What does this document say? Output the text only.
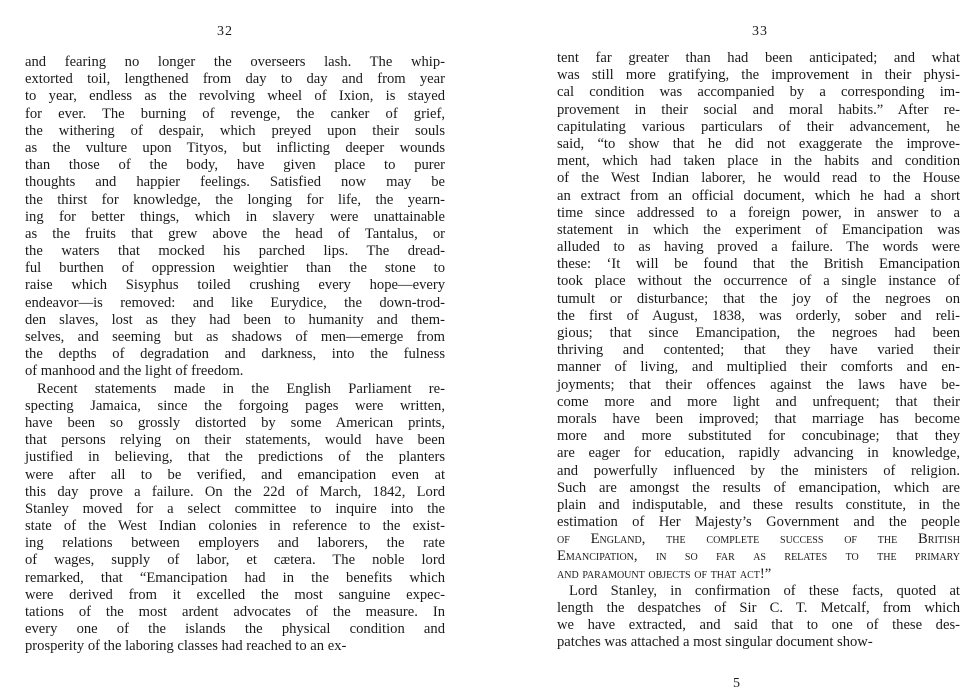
32
and fearing no longer the overseers lash. The whip-
extorted toil, lengthened from day to day and from year
to year, endless as the revolving wheel of Ixion, is stayed
for ever. The burning of revenge, the canker of grief,
the withering of despair, which preyed upon their souls
as the vulture upon Tityos, but inflicting deeper wounds
than those of the body, have given place to purer
thoughts and happier feelings. Satisfied now may be
the thirst for knowledge, the longing for life, the yearn-
ing for better things, which in slavery were unattainable
as the fruits that grew above the head of Tantalus, or
the waters that mocked his parched lips. The dread-
ful burthen of oppression weightier than the stone to
raise which Sisyphus toiled crushing every hope—every
endeavor—is removed: and like Eurydice, the down-trod-
den slaves, lost as they had been to humanity and them-
selves, and seeming but as shadows of men—emerge from
the depths of degradation and darkness, into the fulness
of manhood and the light of freedom.
Recent statements made in the English Parliament re-
specting Jamaica, since the forgoing pages were written,
have been so grossly distorted by some American prints,
that persons relying on their statements, would have been
justified in believing, that the predictions of the planters
were after all to be verified, and emancipation even at
this day prove a failure. On the 22d of March, 1842, Lord
Stanley moved for a select committee to inquire into the
state of the West Indian colonies in reference to the exist-
ing relations between employers and laborers, the rate
of wages, supply of labor, et cætera. The noble lord
remarked, that “Emancipation had in the benefits which
were derived from it excelled the most sanguine expec-
tations of the most ardent advocates of the measure. In
every one of the islands the physical condition and
prosperity of the laboring classes had reached to an ex-
33
tent far greater than had been anticipated; and what
was still more gratifying, the improvement in their physi-
cal condition was accompanied by a corresponding im-
provement in their social and moral habits.” After re-
capitulating various particulars of their advancement, he
said, “to show that he did not exaggerate the improve-
ment, which had taken place in the habits and condition
of the West Indian laborer, he would read to the House
an extract from an official document, which he had a short
time since addressed to a foreign power, in answer to a
statement in which the experiment of Emancipation was
alluded to as having proved a failure. The words were
these: ‘It will be found that the British Emancipation
took place without the occurrence of a single instance of
tumult or disturbance; that the joy of the negroes on
the first of August, 1838, was orderly, sober and reli-
gious; that since Emancipation, the negroes had been
thriving and contented; that they have varied their
manner of living, and multiplied their comforts and en-
joyments; that their offences against the laws have be-
come more and more light and unfrequent; that their
morals have been improved; that marriage has become
more and more substituted for concubinage; that they
are eager for education, rapidly advancing in knowledge,
and powerfully influenced by the ministers of religion.
Such are amongst the results of emancipation, which are
plain and indisputable, and these results constitute, in the
estimation of Her Majesty’s Government and the people
of England, the complete success of the British
Emancipation, in so far as relates to the primary
and paramount objects of that act!”
Lord Stanley, in confirmation of these facts, quoted at
length the despatches of Sir C. T. Metcalf, from which
we have extracted, and said that to one of these des-
patches was attached a most singular document show-
5
